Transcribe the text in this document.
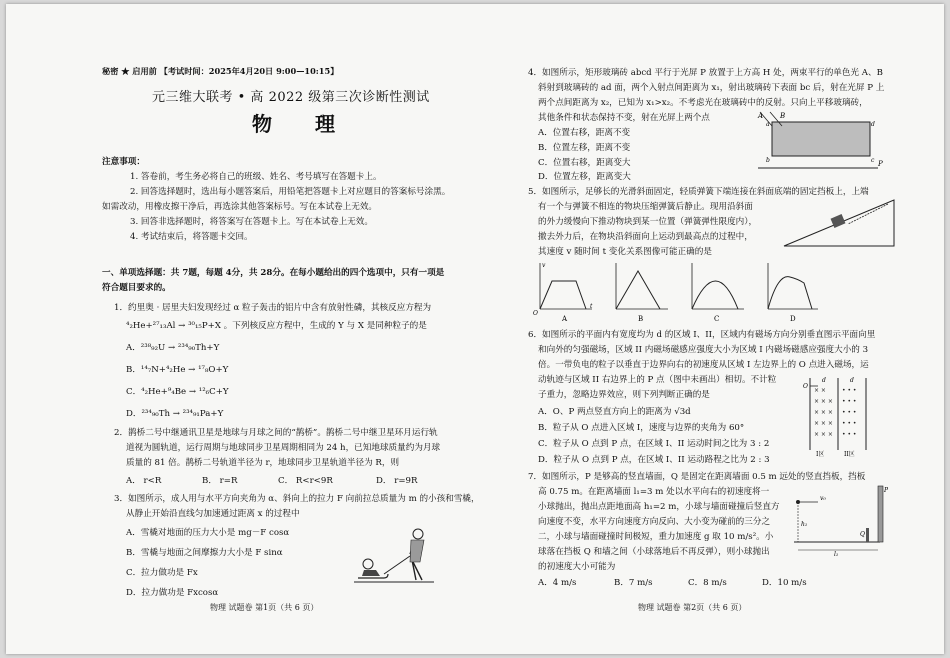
秘密 ★ 启用前 【考试时间：2025年4月20日 9:00—10:15】
元三维大联考 • 高 2022 级第三次诊断性测试
物 理
注意事项：
1. 答卷前，考生务必将自己的班级、姓名、考号填写在答题卡上。
2. 回答选择题时，选出每小题答案后，用铅笔把答题卡上对应题目的答案标号涂黑。
如需改动，用橡皮擦干净后，再选涂其他答案标号。写在本试卷上无效。
3. 回答非选择题时，将答案写在答题卡上。写在本试卷上无效。
4. 考试结束后，将答题卡交回。
一、单项选择题：共 7题，每题 4分，共 28分。在每小题给出的四个选项中，只有一项是
符合题目要求的。
1．约里奥 · 居里夫妇发现经过 α 粒子轰击的铝片中含有放射性磷，其核反应方程为
⁴₂He+²⁷₁₃Al → ³⁰₁₅P+X 。下列核反应方程中，生成的 Y 与 X 是同种粒子的是
A．²³⁸₉₂U → ²³⁴₉₀Th+Y
B．¹⁴₇N+⁴₂He → ¹⁷₈O+Y
C．⁴₂He+⁹₄Be → ¹²₆C+Y
D．²³⁴₉₀Th → ²³⁴₉₁Pa+Y
2．鹊桥二号中继通讯卫星是地球与月球之间的“鹊桥”。鹊桥二号中继卫星环月运行轨
道视为圆轨道，运行周期与地球同步卫星周期相同为 24 h，已知地球质量约为月球
质量的 81 倍。鹊桥二号轨道半径为 r，地球同步卫星轨道半径为 R，则
A． r<R	B． r=R	C． R<r<9R	D． r=9R
3．如图所示，成人用与水平方向夹角为 α、斜向上的拉力 F 向前拉总质量为 m 的小孩和雪橇，
从静止开始沿直线匀加速通过距离 x 的过程中
A．雪橇对地面的压力大小是 mg－F cosα
B．雪橇与地面之间摩擦力大小是 F sinα
C．拉力做功是 Fx
D．拉力做功是 Fxcosα
物理 试题卷 第1页（共 6 页）
4．如图所示，矩形玻璃砖 abcd 平行于光屏 P 放置于上方高 H 处，两束平行的单色光 A、B
斜射到玻璃砖的 ad 面，两个入射点间距离为 x₁，射出玻璃砖下表面 bc 后，射在光屏 P 上
两个点间距离为 x₂，已知为 x₁>x₂。不考虑光在玻璃砖中的反射。只向上平移玻璃砖，
其他条件和状态保持不变，射在光屏上两个点
A．位置右移，距离不变
B．位置左移，距离不变
C．位置右移，距离变大
D．位置左移，距离变大
A B
a
b
d
c P
5．如图所示，足够长的光滑斜面固定，轻质弹簧下端连接在斜面底端的固定挡板上，上端
有一个与弹簧不相连的物块压缩弹簧后静止。现用沿斜面
的外力缓慢向下推动物块到某一位置（弹簧弹性限度内），
撤去外力后，在物块沿斜面向上运动到最高点的过程中，
其速度 v 随时间 t 变化关系图像可能正确的是
A	B	C	D
v
t
O
6．如图所示的平面内有宽度均为 d 的区域 I、II，区域内有磁场方向分别垂直图示平面向里
和向外的匀强磁场，区域 II 内磁场磁感应强度大小为区域 I 内磁场磁感应强度大小的 3
倍。一带负电的粒子以垂直于边界向右的初速度从区域 I 左边界上的 O 点进入磁场，运
动轨迹与区域 II 右边界上的 P 点（图中未画出）相切。不计粒
子重力，忽略边界效应，则下列判断正确的是
A．O、P 两点竖直方向上的距离为 √3d
B．粒子从 O 点进入区域 I，速度与边界的夹角为 60°
C．粒子从 O 点到 P 点，在区域 I、II 运动时间之比为 3 : 2
D．粒子从 O 点到 P 点，在区域 I、II 运动路程之比为 2 : 3
× ×	• • •
× × × • • •
× × × • • •
× × × • • •
× × × • • •
d	d
O
I区	II区
7．如图所示，P 是够高的竖直墙面，Q 是固定在距离墙面 0.5 m 远处的竖直挡板，挡板
高 0.75 m。在距离墙面 l₁=3 m 处以水平向右的初速度将一
小球抛出，抛出点距地面高 h₁=2 m，小球与墙面碰撞后竖直方
向速度不变，水平方向速度方向反向、大小变为碰前的三分之
二，小球与墙面碰撞时间极短，重力加速度 g 取 10 m/s²。小
球落在挡板 Q 和墙之间（小球落地后不再反弹），则小球抛出
的初速度大小可能为
A．4 m/s	B．7 m/s	C．8 m/s	D．10 m/s
v₀
h₁
P
Q
l₁
物理 试题卷 第2页（共 6 页）
